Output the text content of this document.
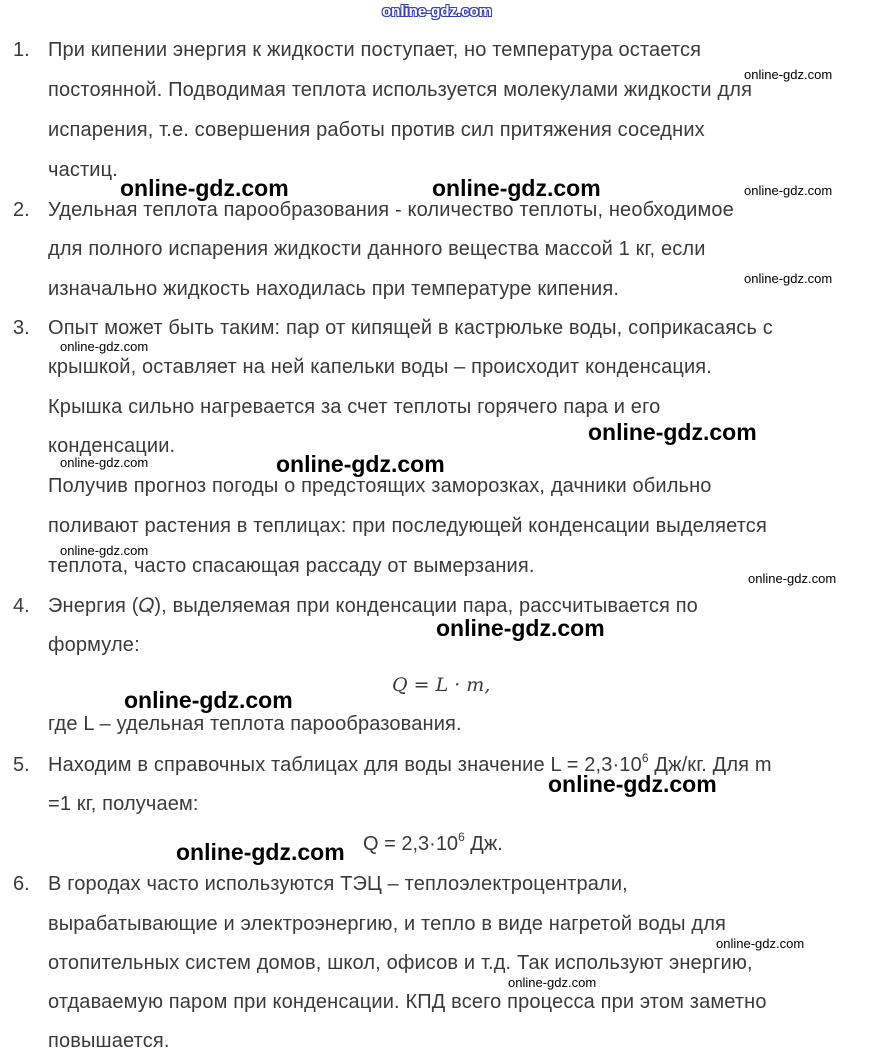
online-gdz.com
1. При кипении энергия к жидкости поступает, но температура остается
постоянной. Подводимая теплота используется молекулами жидкости для
испарения, т.е. совершения работы против сил притяжения соседних
частиц.
2. Удельная теплота парообразования - количество теплоты, необходимое
для полного испарения жидкости данного вещества массой 1 кг, если
изначально жидкость находилась при температуре кипения.
3. Опыт может быть таким: пар от кипящей в кастрюльке воды, соприкасаясь с
крышкой, оставляет на ней капельки воды – происходит конденсация.
Крышка сильно нагревается за счет теплоты горячего пара и его
конденсации.
Получив прогноз погоды о предстоящих заморозках, дачники обильно
поливают растения в теплицах: при последующей конденсации выделяется
теплота, часто спасающая рассаду от вымерзания.
4. Энергия (𝑄), выделяемая при конденсации пара, рассчитывается по
формуле:
𝑄 = 𝐿 · 𝑚,
где L – удельная теплота парообразования.
5. Находим в справочных таблицах для воды значение $L = 2,3\cdot 10^6$ Дж/кг. Для m
=1 кг, получаем:
$Q = 2,3\cdot 10^6$ Дж.
6. В городах часто используются ТЭЦ – теплоэлектроцентрали,
вырабатывающие и электроэнергию, и тепло в виде нагретой воды для
отопительных систем домов, школ, офисов и т.д. Так используют энергию,
отдаваемую паром при конденсации. КПД всего процесса при этом заметно
повышается.
online-gdz.com	online-gdz.com
online-gdz.com
online-gdz.com
online-gdz.com
online-gdz.com
online-gdz.com
online-gdz.com
online-gdz.com
online-gdz.com
online-gdz.com
online-gdz.com
online-gdz.com
online-gdz.com
online-gdz.com
online-gdz.com
online-gdz.com
